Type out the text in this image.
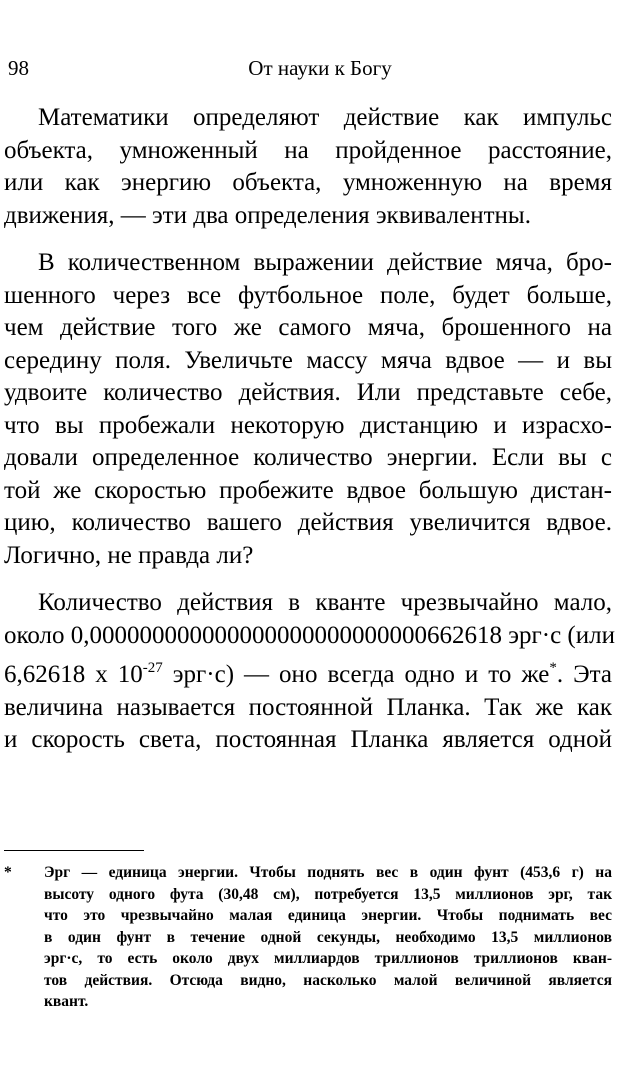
98	От науки к Богу

Математики определяют действие как импульс
объекта, умноженный на пройденное расстояние,
или как энергию объекта, умноженную на время
движения, — эти два определения эквивалентны.

В количественном выражении действие мяча, бро-
шенного через все футбольное поле, будет больше,
чем действие того же самого мяча, брошенного на
середину поля. Увеличьте массу мяча вдвое — и вы
удвоите количество действия. Или представьте себе,
что вы пробежали некоторую дистанцию и израсхо-
довали определенное количество энергии. Если вы с
той же скоростью пробежите вдвое большую дистан-
цию, количество вашего действия увеличится вдвое.
Логично, не правда ли?

Количество действия в кванте чрезвычайно мало,
около 0,000000000000000000000000000662618 эрг·с (или
6,62618 х $10^{-27}$ эрг·с) — оно всегда одно и то же*. Эта
величина называется постоянной Планка. Так же как
и скорость света, постоянная Планка является одной

*	Эрг — единица энергии. Чтобы поднять вес в один фунт (453,6 г) на
высоту одного фута (30,48 см), потребуется 13,5 миллионов эрг, так
что это чрезвычайно малая единица энергии. Чтобы поднимать вес
в один фунт в течение одной секунды, необходимо 13,5 миллионов
эрг·с, то есть около двух миллиардов триллионов триллионов кван-
тов действия. Отсюда видно, насколько малой величиной является
квант.
